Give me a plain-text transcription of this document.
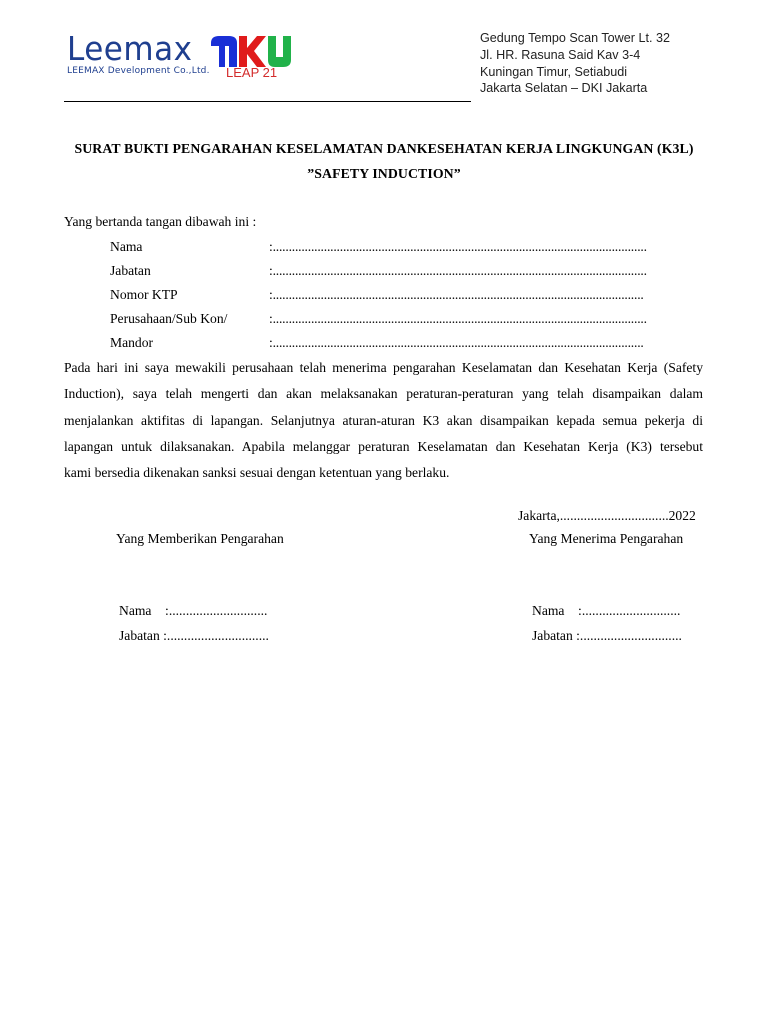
Leemax
LEEMAX Development Co.,Ltd. LEAP 21
Gedung Tempo Scan Tower Lt. 32
Jl. HR. Rasuna Said Kav 3-4
Kuningan Timur, Setiabudi
Jakarta Selatan – DKI Jakarta
SURAT BUKTI PENGARAHAN KESELAMATAN DANKESEHATAN KERJA LINGKUNGAN (K3L)
”SAFETY INDUCTION”
Yang bertanda tangan dibawah ini :
Nama	:.....................................................................................................................
Jabatan	:.....................................................................................................................
Nomor KTP	:....................................................................................................................
Perusahaan/Sub Kon/	:.....................................................................................................................
Mandor	:....................................................................................................................
Pada hari ini saya mewakili perusahaan telah menerima pengarahan Keselamatan dan Kesehatan Kerja (Safety
Induction), saya telah mengerti dan akan melaksanakan peraturan-peraturan yang telah disampaikan dalam
menjalankan aktifitas di lapangan. Selanjutnya aturan-aturan K3 akan disampaikan kepada semua pekerja di
lapangan untuk dilaksanakan. Apabila melanggar peraturan Keselamatan dan Kesehatan Kerja (K3) tersebut
kami bersedia dikenakan sanksi sesuai dengan ketentuan yang berlaku.
Jakarta,................................2022
Yang Memberikan Pengarahan	Yang Menerima Pengarahan
Nama    :.............................
Jabatan :..............................
Nama    :.............................
Jabatan :..............................
